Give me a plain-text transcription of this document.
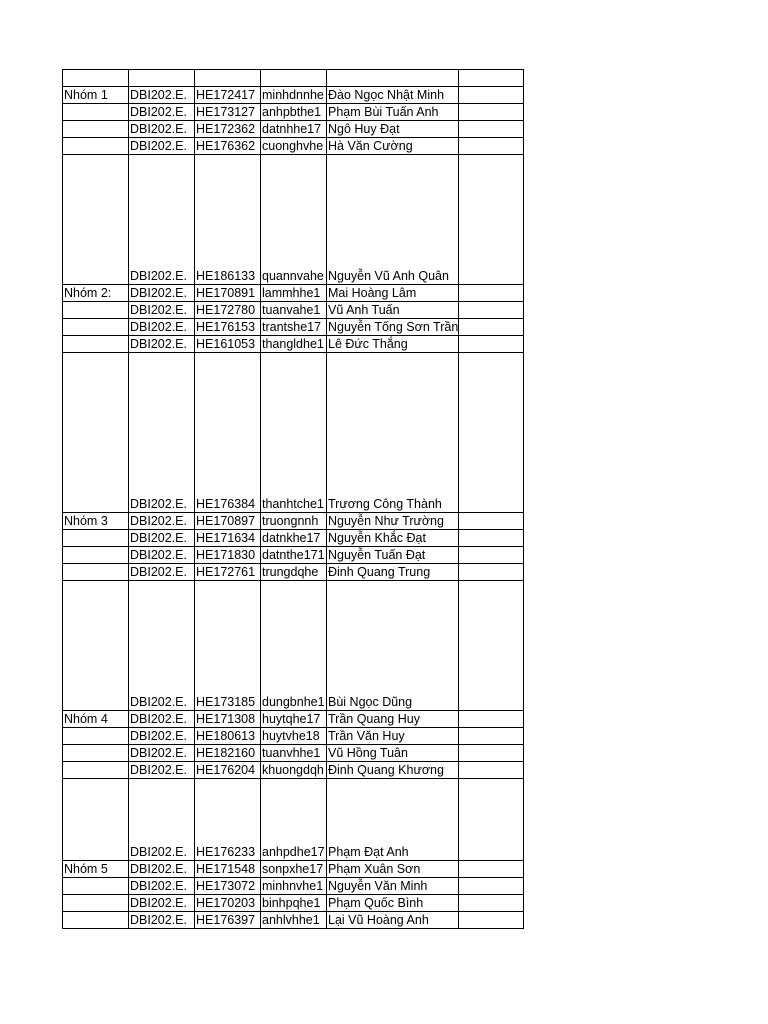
Nhóm 1	DBI202.E.	HE172417	minhdnnhe	Đào Ngọc Nhật Minh	
	DBI202.E.	HE173127	anhpbthe1	Phạm Bùi Tuấn Anh	
	DBI202.E.	HE172362	datnhhe17	Ngô Huy Đạt	
	DBI202.E.	HE176362	cuonghvhe	Hà Văn Cường	
	DBI202.E.	HE186133	quannvahe	Nguyễn Vũ Anh Quân	
Nhóm 2:	DBI202.E.	HE170891	lammhhe1	Mai Hoàng Lâm	
	DBI202.E.	HE172780	tuanvahe1	Vũ Anh Tuấn	
	DBI202.E.	HE176153	trantshe17	Nguyễn Tống Sơn Trần	
	DBI202.E.	HE161053	thangldhe1	Lê Đức Thắng	
	DBI202.E.	HE176384	thanhtche1	Trương Công Thành	
Nhóm 3	DBI202.E.	HE170897	truongnnh	Nguyễn Như Trường	
	DBI202.E.	HE171634	datnkhe17	Nguyễn Khắc Đạt	
	DBI202.E.	HE171830	datnthe171	Nguyễn Tuấn Đạt	
	DBI202.E.	HE172761	trungdqhe	Đinh Quang Trung	
	DBI202.E.	HE173185	dungbnhe1	Bùi Ngọc Dũng	
Nhóm 4	DBI202.E.	HE171308	huytqhe17	Trần Quang Huy	
	DBI202.E.	HE180613	huytvhe18	Trần Văn Huy	
	DBI202.E.	HE182160	tuanvhhe1	Vũ Hồng Tuân	
	DBI202.E.	HE176204	khuongdqh	Đinh Quang Khương	
	DBI202.E.	HE176233	anhpdhe17	Phạm Đạt Anh	
Nhóm 5	DBI202.E.	HE171548	sonpxhe17	Phạm Xuân Sơn	
	DBI202.E.	HE173072	minhnvhe1	Nguyễn Văn Minh	
	DBI202.E.	HE170203	binhpqhe1	Phạm Quốc Bình	
	DBI202.E.	HE176397	anhlvhhe1	Lại Vũ Hoàng Anh	
